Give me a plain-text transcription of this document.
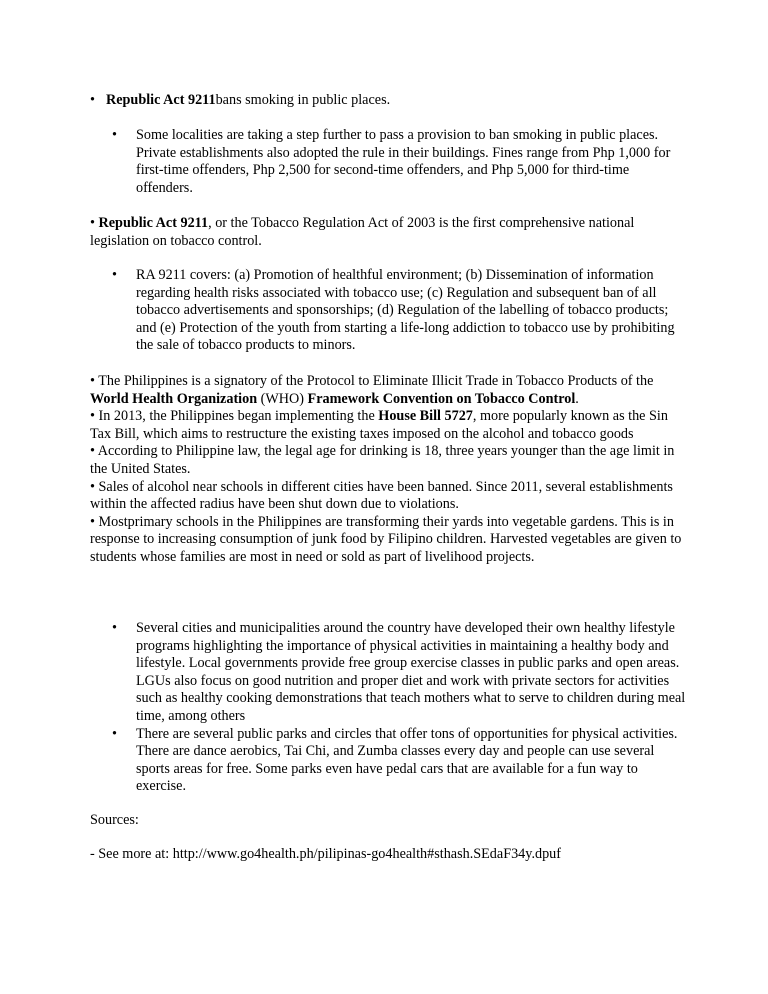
• Republic Act 9211bans smoking in public places.
• Some localities are taking a step further to pass a provision to ban smoking in public places. Private establishments also adopted the rule in their buildings. Fines range from Php 1,000 for first-time offenders, Php 2,500 for second-time offenders, and Php 5,000 for third-time offenders.
• Republic Act 9211, or the Tobacco Regulation Act of 2003 is the first comprehensive national legislation on tobacco control.
• RA 9211 covers: (a) Promotion of healthful environment; (b) Dissemination of information regarding health risks associated with tobacco use; (c) Regulation and subsequent ban of all tobacco advertisements and sponsorships; (d) Regulation of the labelling of tobacco products; and (e) Protection of the youth from starting a life-long addiction to tobacco use by prohibiting the sale of tobacco products to minors.

• The Philippines is a signatory of the Protocol to Eliminate Illicit Trade in Tobacco Products of the World Health Organization (WHO) Framework Convention on Tobacco Control.

• In 2013, the Philippines began implementing the House Bill 5727, more popularly known as the Sin Tax Bill, which aims to restructure the existing taxes imposed on the alcohol and tobacco goods

• According to Philippine law, the legal age for drinking is 18, three years younger than the age limit in the United States.

• Sales of alcohol near schools in different cities have been banned. Since 2011, several establishments within the affected radius have been shut down due to violations.

• Mostprimary schools in the Philippines are transforming their yards into vegetable gardens. This is in response to increasing consumption of junk food by Filipino children. Harvested vegetables are given to students whose families are most in need or sold as part of livelihood projects.

• Several cities and municipalities around the country have developed their own healthy lifestyle programs highlighting the importance of physical activities in maintaining a healthy body and lifestyle. Local governments provide free group exercise classes in public parks and open areas. LGUs also focus on good nutrition and proper diet and work with private sectors for activities such as healthy cooking demonstrations that teach mothers what to serve to children during meal time, among others
• There are several public parks and circles that offer tons of opportunities for physical activities. There are dance aerobics, Tai Chi, and Zumba classes every day and people can use several sports areas for free. Some parks even have pedal cars that are available for a fun way to exercise.
Sources:
- See more at: http://www.go4health.ph/pilipinas-go4health#sthash.SEdaF34y.dpuf
